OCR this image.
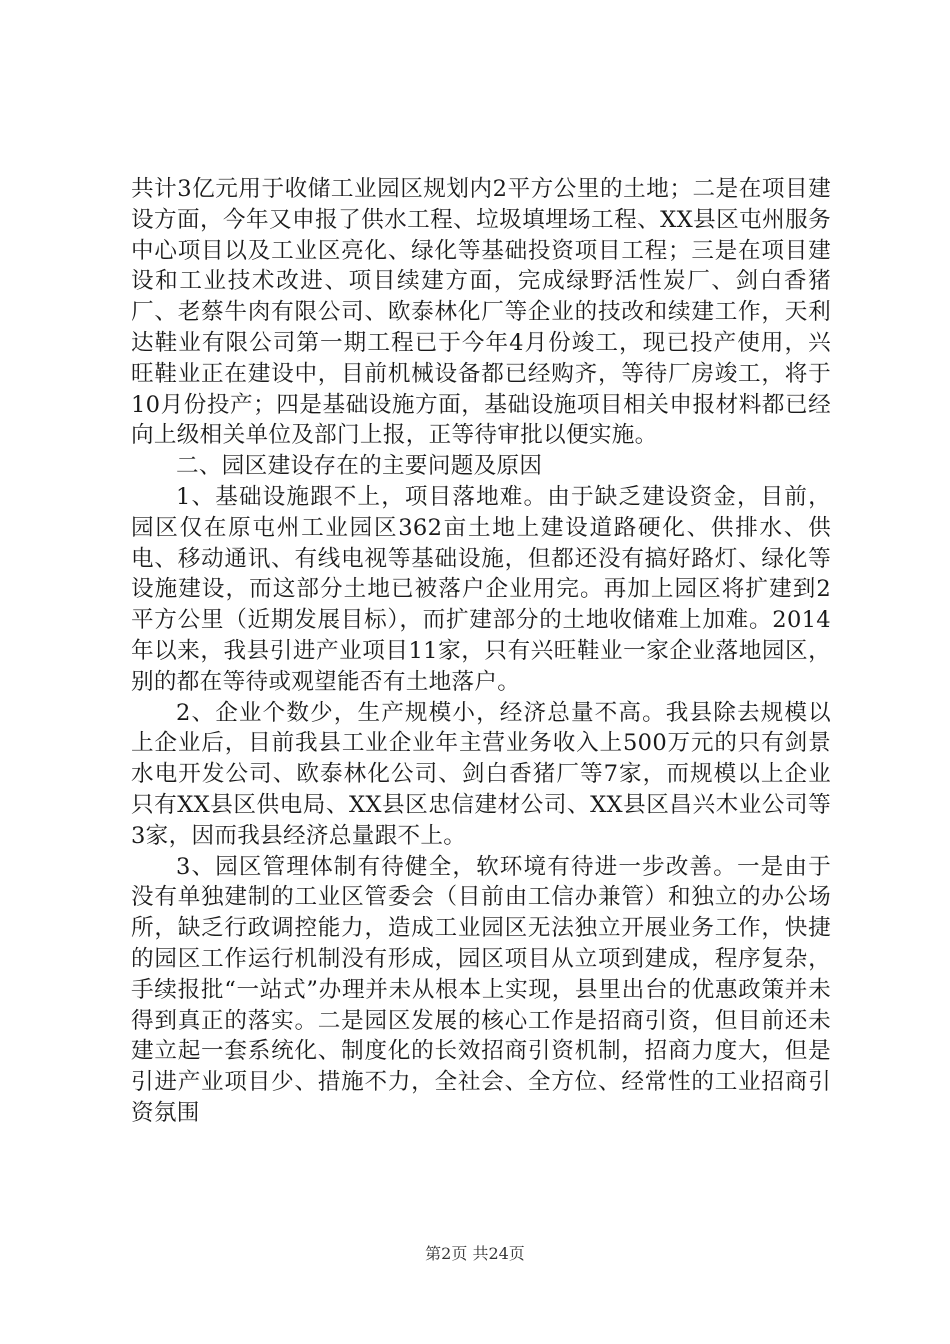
共计3亿元用于收储工业园区规划内2平方公里的土地；二是在项目建设方面，今年又申报了供水工程、垃圾填埋场工程、XX县区屯州服务中心项目以及工业区亮化、绿化等基础投资项目工程；三是在项目建设和工业技术改进、项目续建方面，完成绿野活性炭厂、剑白香猪厂、老蔡牛肉有限公司、欧泰林化厂等企业的技改和续建工作，天利达鞋业有限公司第一期工程已于今年4月份竣工，现已投产使用，兴旺鞋业正在建设中，目前机械设备都已经购齐，等待厂房竣工，将于10月份投产；四是基础设施方面，基础设施项目相关申报材料都已经向上级相关单位及部门上报，正等待审批以便实施。

二、园区建设存在的主要问题及原因

1、基础设施跟不上，项目落地难。由于缺乏建设资金，目前，园区仅在原屯州工业园区362亩土地上建设道路硬化、供排水、供电、移动通讯、有线电视等基础设施，但都还没有搞好路灯、绿化等设施建设，而这部分土地已被落户企业用完。再加上园区将扩建到2平方公里（近期发展目标），而扩建部分的土地收储难上加难。2014年以来，我县引进产业项目11家，只有兴旺鞋业一家企业落地园区，别的都在等待或观望能否有土地落户。

2、企业个数少，生产规模小，经济总量不高。我县除去规模以上企业后，目前我县工业企业年主营业务收入上500万元的只有剑景水电开发公司、欧泰林化公司、剑白香猪厂等7家，而规模以上企业只有XX县区供电局、XX县区忠信建材公司、XX县区昌兴木业公司等3家，因而我县经济总量跟不上。

3、园区管理体制有待健全，软环境有待进一步改善。一是由于没有单独建制的工业区管委会（目前由工信办兼管）和独立的办公场所，缺乏行政调控能力，造成工业园区无法独立开展业务工作，快捷的园区工作运行机制没有形成，园区项目从立项到建成，程序复杂，手续报批“一站式”办理并未从根本上实现，县里出台的优惠政策并未得到真正的落实。二是园区发展的核心工作是招商引资，但目前还未建立起一套系统化、制度化的长效招商引资机制，招商力度大，但是引进产业项目少、措施不力，全社会、全方位、经常性的工业招商引资氛围

第2页 共24页
